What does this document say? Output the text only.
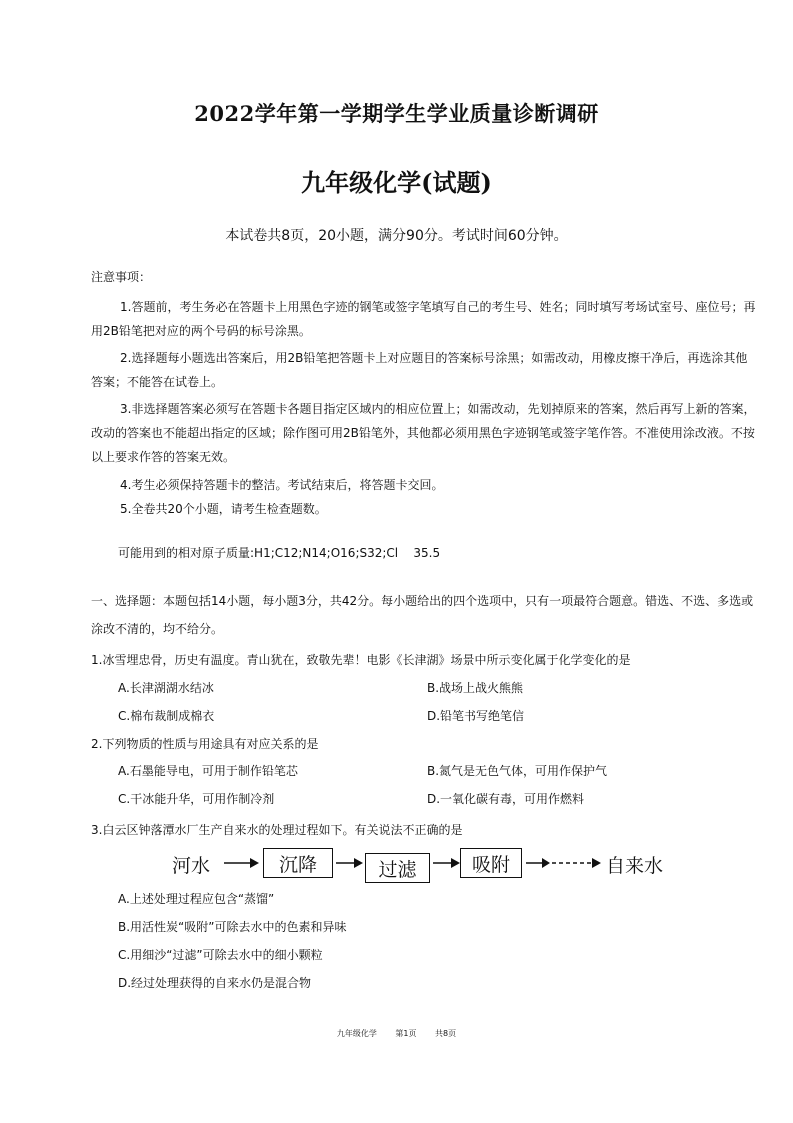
2022学年第一学期学生学业质量诊断调研
九年级化学(试题)
本试卷共8页，20小题，满分90分。考试时间60分钟。
注意事项：
1.答题前，考生务必在答题卡上用黑色字迹的钢笔或签字笔填写自己的考生号、姓名；同时填写考场试室号、座位号；再用2B铅笔把对应的两个号码的标号涂黑。
2.选择题每小题选出答案后，用2B铅笔把答题卡上对应题目的答案标号涂黑；如需改动，用橡皮擦干净后，再选涂其他答案；不能答在试卷上。
3.非选择题答案必须写在答题卡各题目指定区域内的相应位置上；如需改动，先划掉原来的答案，然后再写上新的答案，改动的答案也不能超出指定的区域；除作图可用2B铅笔外，其他都必须用黑色字迹钢笔或签字笔作答。不准使用涂改液。不按以上要求作答的答案无效。
4.考生必须保持答题卡的整洁。考试结束后，将答题卡交回。
5.全卷共20个小题，请考生检查题数。
可能用到的相对原子质量:H1;C12;N14;O16;S32;Cl    35.5
一、选择题：本题包括14小题，每小题3分，共42分。每小题给出的四个选项中，只有一项最符合题意。错选、不选、多选或涂改不清的，均不给分。
1.冰雪埋忠骨，历史有温度。青山犹在，致敬先辈！电影《长津湖》场景中所示变化属于化学变化的是
A.长津湖湖水结冰	B.战场上战火熊熊
C.棉布裁制成棉衣	D.铅笔书写绝笔信
2.下列物质的性质与用途具有对应关系的是
A.石墨能导电，可用于制作铅笔芯	B.氮气是无色气体，可用作保护气
C.干冰能升华，可用作制冷剂	D.一氧化碳有毒，可用作燃料
3.白云区钟落潭水厂生产自来水的处理过程如下。有关说法不正确的是
河水	沉降	过滤	吸附	自来水
A.上述处理过程应包含“蒸馏”
B.用活性炭“吸附”可除去水中的色素和异味
C.用细沙“过滤”可除去水中的细小颗粒
D.经过处理获得的自来水仍是混合物
九年级化学 第1页 共8页
